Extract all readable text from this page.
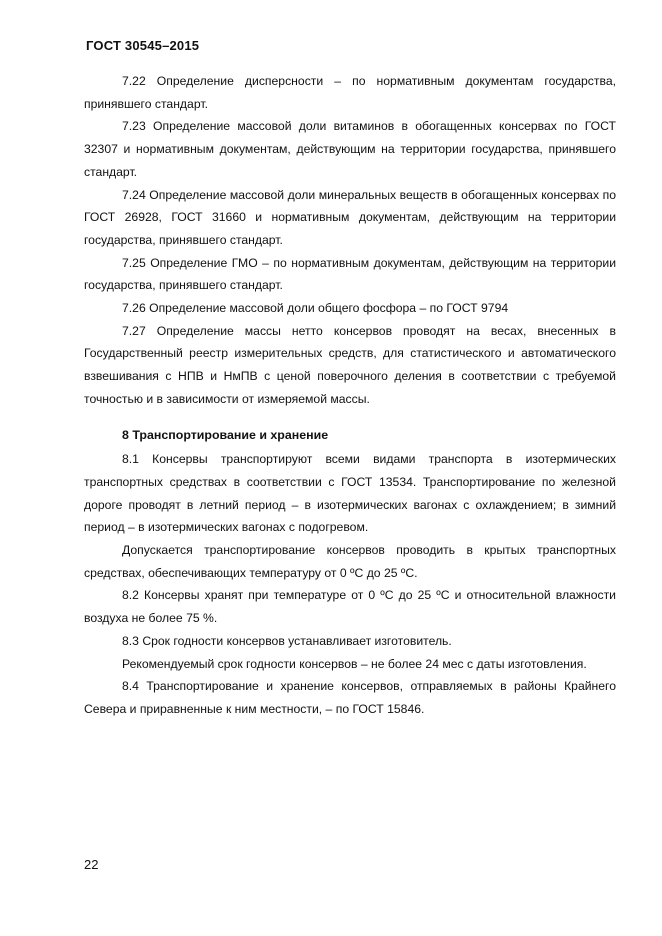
ГОСТ 30545–2015

7.22 Определение дисперсности – по нормативным документам государства, принявшего стандарт.

7.23 Определение массовой доли витаминов в обогащенных консервах по ГОСТ 32307 и нормативным документам, действующим на территории государства, принявшего стандарт.

7.24 Определение массовой доли минеральных веществ в обогащенных консервах по ГОСТ 26928, ГОСТ 31660 и нормативным документам, действующим на территории государства, принявшего стандарт.

7.25 Определение ГМО – по нормативным документам, действующим на территории государства, принявшего стандарт.

7.26 Определение массовой доли общего фосфора – по ГОСТ 9794

7.27 Определение массы нетто консервов проводят на весах, внесенных в Государственный реестр измерительных средств, для статистического и автоматического взвешивания с НПВ и НмПВ с ценой поверочного деления в соответствии с требуемой точностью и в зависимости от измеряемой массы.

8 Транспортирование и хранение

8.1 Консервы транспортируют всеми видами транспорта в изотермических транспортных средствах в соответствии с ГОСТ 13534. Транспортирование по железной дороге проводят в летний период – в изотермических вагонах с охлаждением; в зимний период – в изотермических вагонах с подогревом.

Допускается транспортирование консервов проводить в крытых транспортных средствах, обеспечивающих температуру от 0 ºС до 25 ºС.

8.2 Консервы хранят при температуре от 0 ºС до 25 ºС и относительной влажности воздуха не более 75 %.

8.3 Срок годности консервов устанавливает изготовитель.

Рекомендуемый срок годности консервов – не более 24 мес с даты изготовления.

8.4 Транспортирование и хранение консервов, отправляемых в районы Крайнего Севера и приравненные к ним местности, – по ГОСТ 15846.

22
